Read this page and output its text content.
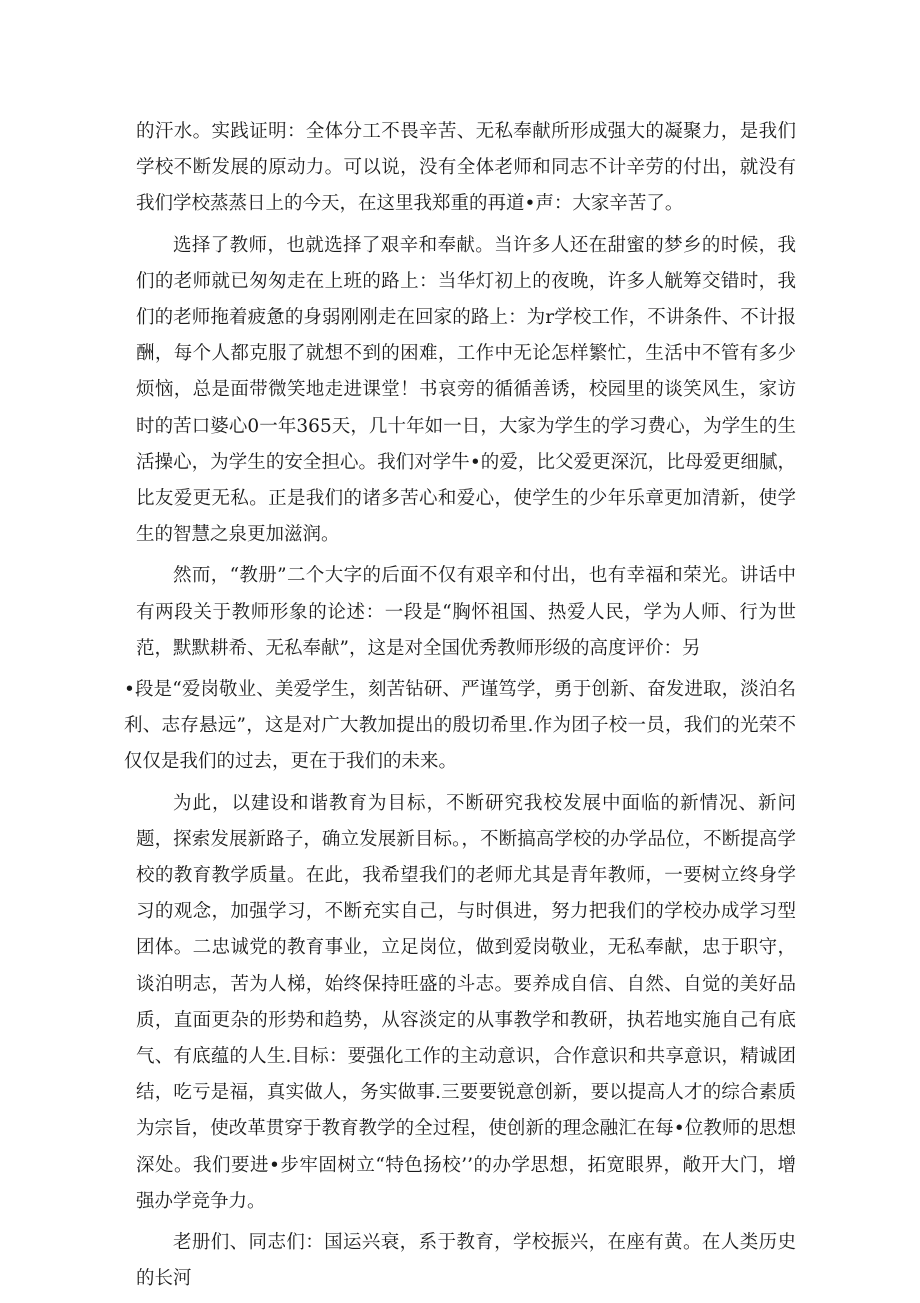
的汗水。实践证明：全体分工不畏辛苦、无私奉献所形成强大的凝聚力，是我们学校不断发展的原动力。可以说，没有全体老师和同志不计辛劳的付出，就没有我们学校蒸蒸日上的今天，在这里我郑重的再道•声：大家辛苦了。

选择了教师，也就选择了艰辛和奉献。当许多人还在甜蜜的梦乡的时候，我们的老师就已匆匆走在上班的路上：当华灯初上的夜晚，许多人觥筹交错时，我们的老师拖着疲惫的身弱刚刚走在回家的路上：为r学校工作，不讲条件、不计报酬，每个人都克服了就想不到的困难，工作中无论怎样繁忙，生活中不管有多少烦恼，总是面带微笑地走进课堂！书哀旁的循循善诱，校园里的谈笑风生，家访时的苦口婆心0一年365天，几十年如一日，大家为学生的学习费心，为学生的生活操心，为学生的安全担心。我们对学牛•的爱，比父爱更深沉，比母爱更细腻，比友爱更无私。正是我们的诸多苦心和爱心，使学生的少年乐章更加清新，使学生的智慧之泉更加滋润。

然而，“教册”二个大字的后面不仅有艰辛和付出，也有幸福和荣光。讲话中有两段关于教师形象的论述：一段是“胸怀祖国、热爱人民，学为人师、行为世范，默默耕希、无私奉献”，这是对全国优秀教师形级的高度评价：另

•段是“爱岗敬业、美爱学生，刻苦钻研、严谨笃学，勇于创新、奋发进取，淡泊名利、志存悬远”，这是对广大教加提出的殷切希里.作为团子校一员，我们的光荣不仅仅是我们的过去，更在于我们的未来。

为此，以建设和谐教育为目标，不断研究我校发展中面临的新情况、新问题，探索发展新路子，确立发展新目标。，不断搞高学校的办学品位，不断提高学校的教育教学质量。在此，我希望我们的老师尤其是青年教师，一要树立终身学习的观念，加强学习，不断充实自己，与时俱进，努力把我们的学校办成学习型团体。二忠诚党的教育事业，立足岗位，做到爱岗敬业，无私奉献，忠于职守，谈泊明志，苦为人梯，始终保持旺盛的斗志。要养成自信、自然、自觉的美好品质，直面更杂的形势和趋势，从容淡定的从事教学和教研，执若地实施自己有底气、有底蕴的人生.目标：要强化工作的主动意识，合作意识和共享意识，精诚团结，吃亏是福，真实做人，务实做事.三要要锐意创新，要以提高人才的综合素质为宗旨，使改革贯穿于教育教学的全过程，使创新的理念融汇在每•位教师的思想深处。我们要进•步牢固树立“特色扬校’’的办学思想，拓宽眼界，敞开大门，增强办学竞争力。

老册们、同志们：国运兴衰，系于教育，学校振兴，在座有黄。在人类历史的长河
